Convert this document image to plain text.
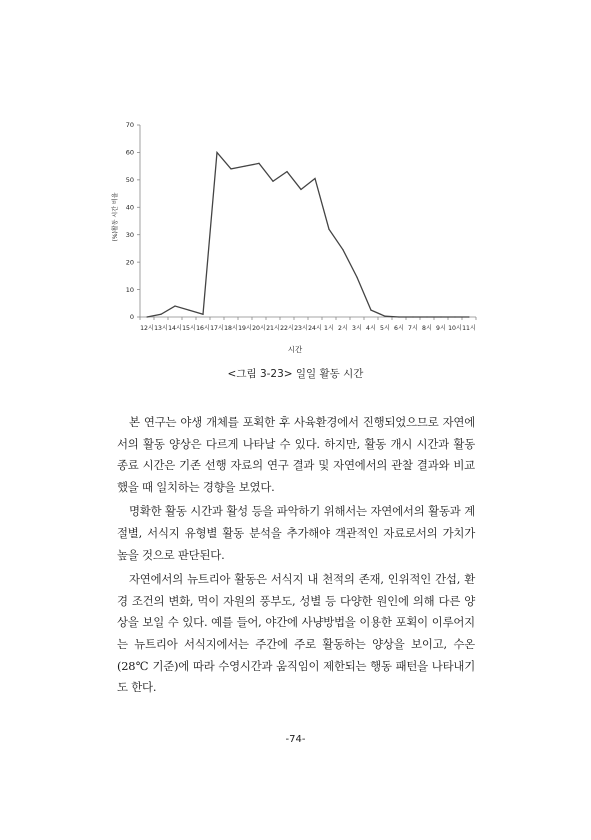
0
10
20
30
40
50
60
70
12시 13시 14시 15시 16시 17시 18시 19시 20시 21시 22시 23시 24시 1시 2시 3시 4시 5시 6시 7시 8시 9시 10시 11시
(%)활동 시간 비율
시간
<그림 3-23> 일일 활동 시간

본 연구는 야생 개체를 포획한 후 사육환경에서 진행되었으므로 자연에서의 활동 양상은 다르게 나타날 수 있다. 하지만, 활동 개시 시간과 활동 종료 시간은 기존 선행 자료의 연구 결과 및 자연에서의 관찰 결과와 비교했을 때 일치하는 경향을 보였다.

명확한 활동 시간과 활성 등을 파악하기 위해서는 자연에서의 활동과 계절별, 서식지 유형별 활동 분석을 추가해야 객관적인 자료로서의 가치가 높을 것으로 판단된다.

자연에서의 뉴트리아 활동은 서식지 내 천적의 존재, 인위적인 간섭, 환경 조건의 변화, 먹이 자원의 풍부도, 성별 등 다양한 원인에 의해 다른 양상을 보일 수 있다. 예를 들어, 야간에 사냥방법을 이용한 포획이 이루어지는 뉴트리아 서식지에서는 주간에 주로 활동하는 양상을 보이고, 수온(28℃ 기준)에 따라 수영시간과 움직임이 제한되는 행동 패턴을 나타내기도 한다.

-74-
